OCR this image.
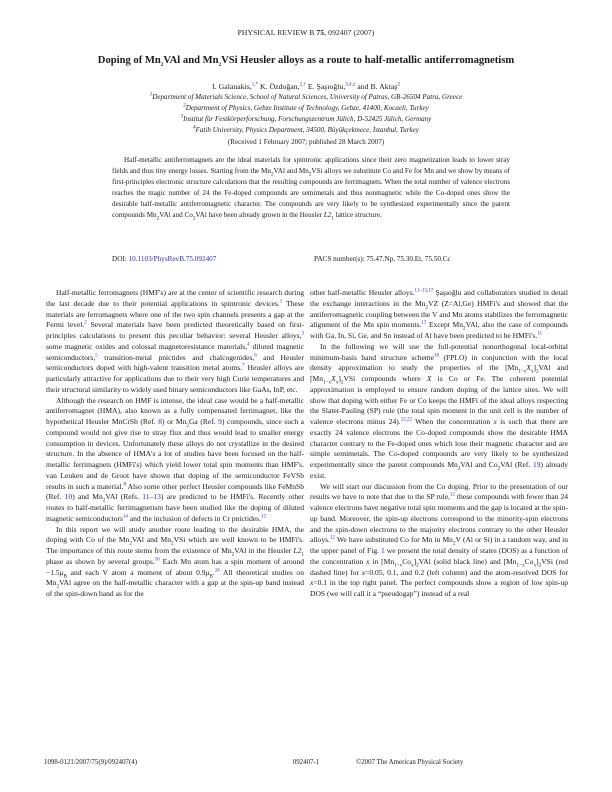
PHYSICAL REVIEW B 75, 092407 (2007)
Doping of $Mn_2VAl$ and $Mn_2VSi$ Heusler alloys as a route to half-metallic antiferromagnetism
I. Galanakis,$^{1,*}$ K. Özdoğan,$^{2,\dagger}$ E. Şaşıoğlu,$^{3,4,\ddagger}$ and B. Aktaş$^2$
$^1$Department of Materials Science, School of Natural Sciences, University of Patras, GR-26504 Patra, Greece
$^2$Department of Physics, Gebze Institute of Technology, Gebze, 41400, Kocaeli, Turkey
$^3$Institut für Festkörperforschung, Forschungszentrum Jülich, D-52425 Jülich, Germany
$^4$Fatih University, Physics Department, 34500, Büyükçekmece, İstanbul, Turkey
(Received 1 February 2007; published 28 March 2007)
Half-metallic antiferromagnets are the ideal materials for spintronic applications since their zero magnetization leads to lower stray fields and thus tiny energy losses. Starting from the $Mn_2VAl$ and $Mn_2VSi$ alloys we substitute Co and Fe for Mn and we show by means of first-principles electronic structure calculations that the resulting compounds are ferrimagnets. When the total number of valence electrons reaches the magic number of 24 the Fe-doped compounds are semimetals and thus nonmagnetic while the Co-doped ones show the desirable half-metallic antiferromagnetic character. The compounds are very likely to be synthesized experimentally since the parent compounds $Mn_2VAl$ and $Co_2VAl$ have been already grown in the Heusler $L2_1$ lattice structure.
DOI: 10.1103/PhysRevB.75.092407	PACS number(s): 75.47.Np, 75.30.Et, 75.50.Cc

Half-metallic ferromagnets (HMF's) are at the center of scientific research during the last decade due to their potential applications in spintronic devices.$^1$ These materials are ferromagnets where one of the two spin channels presents a gap at the Fermi level.$^2$ Several materials have been predicted theoretically based on first-principles calculations to present this peculiar behavior: several Heusler alloys,$^3$ some magnetic oxides and colossal magnetoresistance materials,$^4$ diluted magnetic semiconductors,$^5$ transition-metal pnictides and chalcogenides,$^6$ and Heusler semiconductors doped with high-valent transition metal atoms.$^7$ Heusler alloys are particularly attractive for applications due to their very high Curie temperatures and their structural similarity to widely used binary semiconductors like GaAs, InP, etc.

Although the research on HMF is intense, the ideal case would be a half-metallic antiferromagnet (HMA), also known as a fully compensated ferrimagnet, like the hypothetical Heusler MnCrSb (Ref. 8) or $Mn_2Ga$ (Ref. 9) compounds, since such a compound would not give rise to stray flux and thus would lead to smaller energy consumption in devices. Unfortunately these alloys do not crystallize in the desired structure. In the absence of HMA's a lot of studies have been focused on the half-metallic ferrimagnets (HMFi's) which yield lower total spin moments than HMF's. van Leuken and de Groot have shown that doping of the semiconductor FeVSb results in such a material.$^8$ Also some other perfect Heusler compounds like FeMnSb (Ref. 10) and $Mn_2VAl$ (Refs. 11–13) are predicted to be HMFi's. Recently other routes to half-metallic ferrimagnetism have been studied like the doping of diluted magnetic semiconductors$^{14}$ and the inclusion of defects in Cr pnictides.$^{15}$

In this report we will study another route leading to the desirable HMA, the doping with Co of the $Mn_2VAl$ and $Mn_2VSi$ which are well known to be HMFi's. The importance of this route stems from the existence of $Mn_2VAl$ in the Heusler $L2_1$ phase as shown by several groups.$^{16}$ Each Mn atom has a spin moment of around $-1.5\mu_B$ and each V atom a moment of about $0.9\mu_B.^{16}$ All theoretical studies on $Mn_2VAl$ agree on the half-metallic character with a gap at the spin-up band instead of the spin-down band as for the

other half-metallic Heusler alloys.$^{11-13,17}$ Şaşıoğlu and collaborators studied in detail the exchange interactions in the $Mn_2VZ$ (Z=Al,Ge) HMFi's and showed that the antiferromagnetic coupling between the V and Mn atoms stabilizes the ferromagnetic alignment of the Mn spin moments.$^{13}$ Except $Mn_2VAl$, also the case of compounds with Ga, In, Si, Ge, and Sn instead of Al have been predicted to be HMFi's.$^{11}$

In the following we will use the full-potential nonorthogonal local-orbital minimum-basis band structure scheme$^{18}$ (FPLO) in conjunction with the local density approximation to study the properties of the $[Mn_{1-x}X_x]_2VAl$ and $[Mn_{1-x}X_x]_2VSi$ compounds where X is Co or Fe. The coherent potential approximation is employed to ensure random doping of the lattice sites. We will show that doping with either Fe or Co keeps the HMFi of the ideal alloys respecting the Slater-Pauling (SP) rule (the total spin moment in the unit cell is the number of valence electrons minus 24).$^{12,22}$ When the concentration x is such that there are exactly 24 valence electrons the Co-doped compounds show the desirable HMA character contrary to the Fe-doped ones which lose their magnetic character and are simple semimetals. The Co-doped compounds are very likely to be synthesized experimentally since the parent compounds $Mn_2VAl$ and $Co_2VAl$ (Ref. 19) already exist.

We will start our discussion from the Co doping. Prior to the presentation of our results we have to note that due to the SP rule,$^{12}$ these compounds with fewer than 24 valence electrons have negative total spin moments and the gap is located at the spin-up band. Moreover, the spin-up electrons correspond to the minority-spin electrons and the spin-down electrons to the majority electrons contrary to the other Heusler alloys.$^{12}$ We have substituted Co for Mn in $Mn_2V$ (Al or Si) in a random way, and in the upper panel of Fig. 1 we present the total density of states (DOS) as a function of the concentration x in $[Mn_{1-x}Co_x]_2VAl$ (solid black line) and $[Mn_{1-x}Co_x]_2VSi$ (red dashed line) for x=0.05, 0.1, and 0.2 (left column) and the atom-resolved DOS for x=0.1 in the top right panel. The perfect compounds show a region of low spin-up DOS (we will call it a “pseudogap”) instead of a real

1098-0121/2007/75(9)/092407(4)	092407-1	©2007 The American Physical Society
